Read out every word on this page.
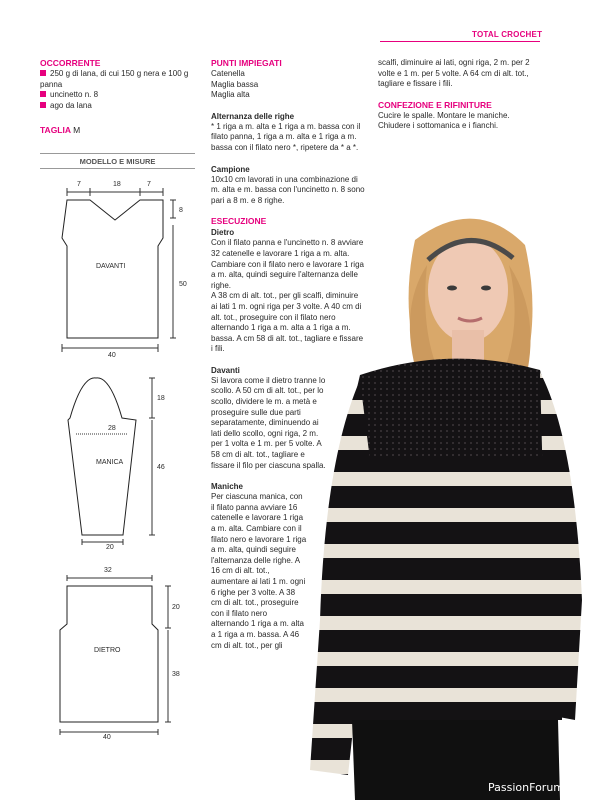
TOTAL CROCHET

OCCORRENTE

250 g di lana, di cui 150 g nera e 100 g panna

uncinetto n. 8

ago da lana

TAGLIA M

MODELLO E MISURE
7	18	7
8
50
DAVANTI
40
18
28
MANICA
46
20
32
20
DIETRO
38
40

PUNTI IMPIEGATI

Catenella

Maglia bassa

Maglia alta

Alternanza delle righe

* 1 riga a m. alta e 1 riga a m. bassa con il filato panna, 1 riga a m. alta e 1 riga a m. bassa con il filato nero *, ripetere da * a *.

Campione

10x10 cm lavorati in una combinazione di m. alta e m. bassa con l'uncinetto n. 8 sono pari a 8 m. e 8 righe.

ESECUZIONE

Dietro

Con il filato panna e l'uncinetto n. 8 avviare 32 catenelle e lavorare 1 riga a m. alta. Cambiare con il filato nero e lavorare 1 riga a m. alta, quindi seguire l'alternanza delle righe.

A 38 cm di alt. tot., per gli scalfi, diminuire ai lati 1 m. ogni riga per 3 volte. A 40 cm di alt. tot., proseguire con il filato nero alternando 1 riga a m. alta a 1 riga a m. bassa. A cm 58 di alt. tot., tagliare e fissare i fili.

Davanti

Si lavora come il dietro tranne lo scollo. A 50 cm di alt. tot., per lo scollo, dividere le m. a metà e proseguire sulle due parti separatamente, diminuendo ai lati dello scollo, ogni riga, 2 m. per 1 volta e 1 m. per 5 volte. A 58 cm di alt. tot., tagliare e fissare il filo per ciascuna spalla.

Maniche

Per ciascuna manica, con il filato panna avviare 16 catenelle e lavorare 1 riga a m. alta. Cambiare con il filato nero e lavorare 1 riga a m. alta, quindi seguire l'alternanza delle righe. A 16 cm di alt. tot., aumentare ai lati 1 m. ogni 6 righe per 3 volte. A 38 cm di alt. tot., proseguire con il filato nero alternando 1 riga a m. alta a 1 riga a m. bassa. A 46 cm di alt. tot., per gli

scalfi, diminuire ai lati, ogni riga, 2 m. per 2 volte e 1 m. per 5 volte. A 64 cm di alt. tot., tagliare e fissare i fili.

CONFEZIONE E RIFINITURE

Cucire le spalle. Montare le maniche. Chiudere i sottomanica e i fianchi.

PassionForum.ru
